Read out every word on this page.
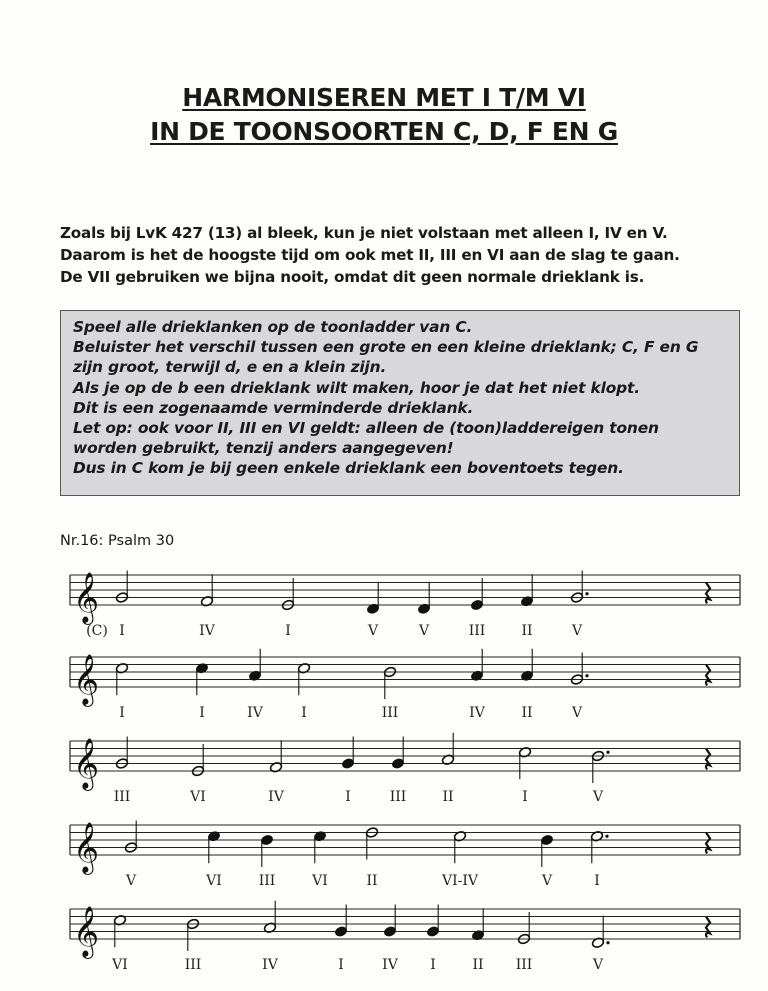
HARMONISEREN MET I T/M VI
IN DE TOONSOORTEN C, D, F EN G
Zoals bij LvK 427 (13) al bleek, kun je niet volstaan met alleen I, IV en V.
Daarom is het de hoogste tijd om ook met II, III en VI aan de slag te gaan.
De VII gebruiken we bijna nooit, omdat dit geen normale drieklank is.
Speel alle drieklanken op de toonladder van C.
Beluister het verschil tussen een grote en een kleine drieklank; C, F en G
zijn groot, terwijl d, e en a klein zijn.
Als je op de b een drieklank wilt maken, hoor je dat het niet klopt.
Dit is een zogenaamde verminderde drieklank.
Let op: ook voor II, III en VI geldt: alleen de (toon)laddereigen tonen
worden gebruikt, tenzij anders aangegeven!
Dus in C kom je bij geen enkele drieklank een boventoets tegen.
Nr.16: Psalm 30
𝄞
I	IV	I	V	V	III	II	V
(C)
𝄞
I	I	IV	I	III	IV	II	V
𝄞
III	VI	IV	I	III	II	I	V
𝄞
V	VI	III	VI	II	VI-IV	V	I
𝄞
VI	III	IV	I	IV I	II III	V
